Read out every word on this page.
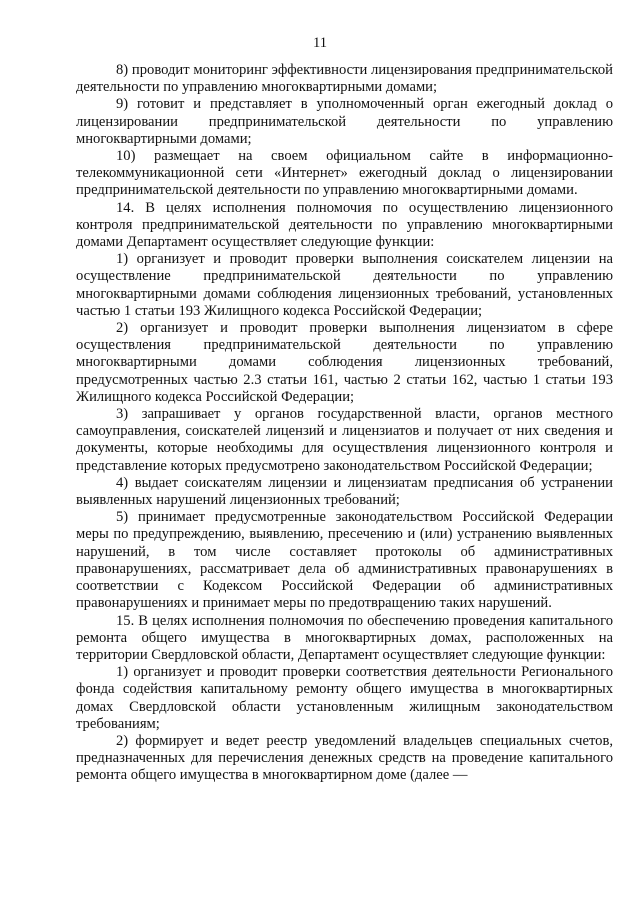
11

8) проводит мониторинг эффективности лицензирования предпринимательской деятельности по управлению многоквартирными домами;

9) готовит и представляет в уполномоченный орган ежегодный доклад о лицензировании предпринимательской деятельности по управлению многоквартирными домами;

10) размещает на своем официальном сайте в информационно-телекоммуникационной сети «Интернет» ежегодный доклад о лицензировании предпринимательской деятельности по управлению многоквартирными домами.

14. В целях исполнения полномочия по осуществлению лицензионного контроля предпринимательской деятельности по управлению многоквартирными домами Департамент осуществляет следующие функции:

1) организует и проводит проверки выполнения соискателем лицензии на осуществление предпринимательской деятельности по управлению многоквартирными домами соблюдения лицензионных требований, установленных частью 1 статьи 193 Жилищного кодекса Российской Федерации;

2) организует и проводит проверки выполнения лицензиатом в сфере осуществления предпринимательской деятельности по управлению многоквартирными домами соблюдения лицензионных требований, предусмотренных частью 2.3 статьи 161, частью 2 статьи 162, частью 1 статьи 193 Жилищного кодекса Российской Федерации;

3) запрашивает у органов государственной власти, органов местного самоуправления, соискателей лицензий и лицензиатов и получает от них сведения и документы, которые необходимы для осуществления лицензионного контроля и представление которых предусмотрено законодательством Российской Федерации;

4) выдает соискателям лицензии и лицензиатам предписания об устранении выявленных нарушений лицензионных требований;

5) принимает предусмотренные законодательством Российской Федерации меры по предупреждению, выявлению, пресечению и (или) устранению выявленных нарушений, в том числе составляет протоколы об административных правонарушениях, рассматривает дела об административных правонарушениях в соответствии с Кодексом Российской Федерации об административных правонарушениях и принимает меры по предотвращению таких нарушений.

15. В целях исполнения полномочия по обеспечению проведения капитального ремонта общего имущества в многоквартирных домах, расположенных на территории Свердловской области, Департамент осуществляет следующие функции:

1) организует и проводит проверки соответствия деятельности Регионального фонда содействия капитальному ремонту общего имущества в многоквартирных домах Свердловской области установленным жилищным законодательством требованиям;

2) формирует и ведет реестр уведомлений владельцев специальных счетов, предназначенных для перечисления денежных средств на проведение капитального ремонта общего имущества в многоквартирном доме (далее —
